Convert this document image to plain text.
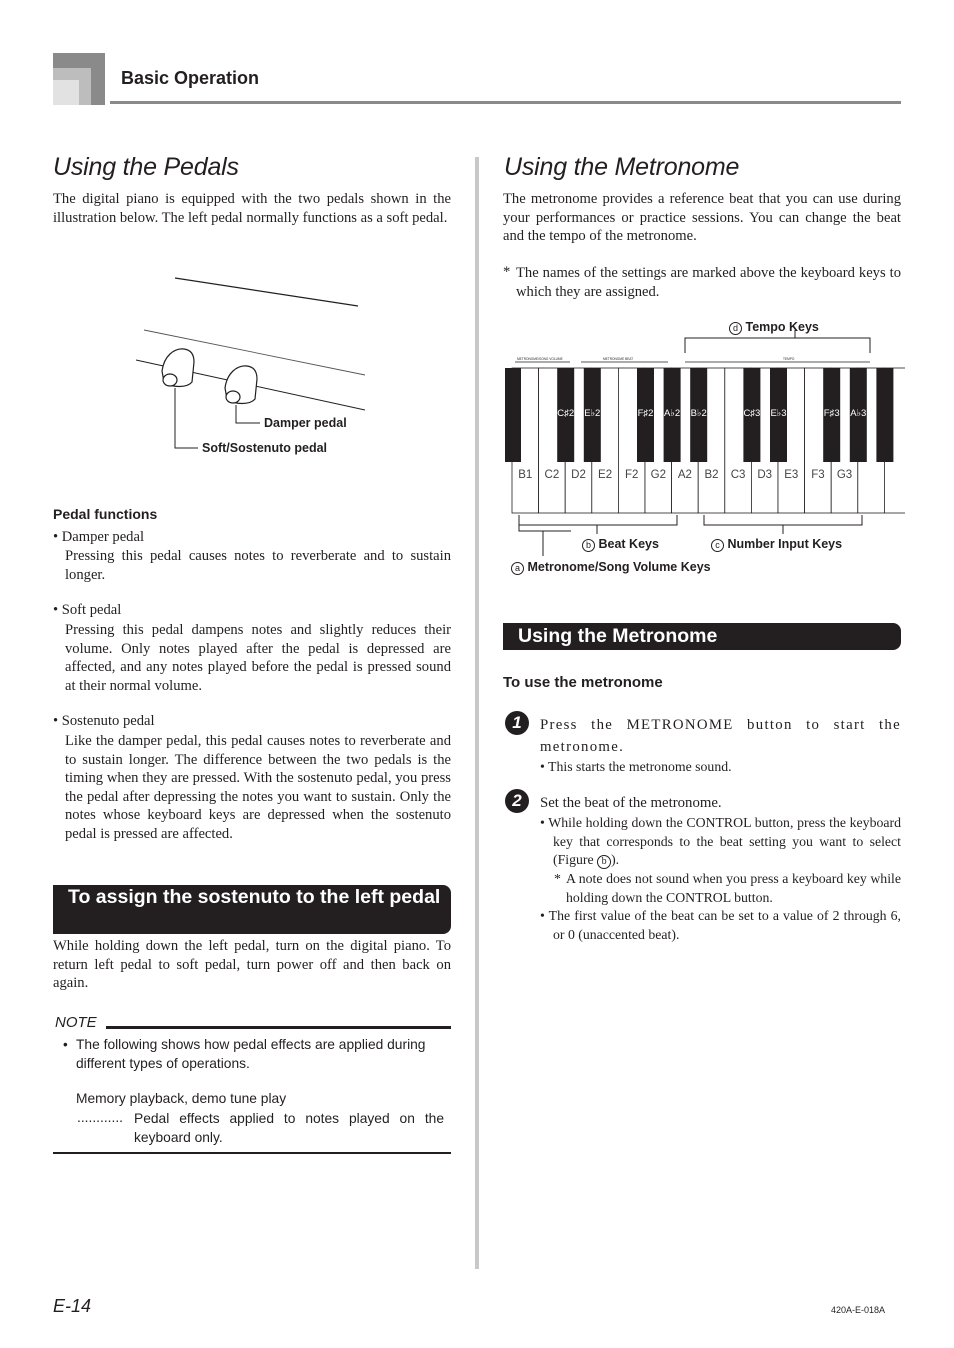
Basic Operation
Using the Pedals

The digital piano is equipped with the two pedals shown in the illustration below. The left pedal normally functions as a soft pedal.

Damper pedal
Soft/Sostenuto pedal
Pedal functions
• Damper pedal

Pressing this pedal causes notes to reverberate and to sustain longer.

• Soft pedal

Pressing this pedal dampens notes and slightly reduces their volume. Only notes played after the pedal is depressed are affected, and any notes played before the pedal is pressed sound at their normal volume.

• Sostenuto pedal

Like the damper pedal, this pedal causes notes to reverberate and to sustain longer. The difference between the two pedals is the timing when they are pressed. With the sostenuto pedal, you press the pedal after depressing the notes you want to sustain. Only the notes whose keyboard keys are depressed when the sostenuto pedal is pressed are affected.

To assign the sostenuto to the left pedal

While holding down the left pedal, turn on the digital piano. To return left pedal to soft pedal, turn power off and then back on again.

NOTE
• The following shows how pedal effects are applied during different types of operations.
Memory playback, demo tune play
............ Pedal effects applied to notes played on the keyboard only.
Using the Metronome

The metronome provides a reference beat that you can use during your performances or practice sessions. You can change the beat and the tempo of the metronome.

* The names of the settings are marked above the keyboard keys to which they are assigned.

METRONOME/SONG VOLUME	METRONOME BEAT	TEMPO
B1 C2 D2 E2 F2 G2 A2 B2 C3 D3 E3 F3 G3
C♯2 E♭2	F♯2 A♭2 B♭2	C♯3 E♭3	F♯3 A♭3
d Tempo Keys
b Beat Keys	c Number Input Keys
a Metronome/Song Volume Keys
Using the Metronome
To use the metronome
1	Press the METRONOME button to start the metronome.

• This starts the metronome sound.
2	Set the beat of the metronome.
• While holding down the CONTROL button, press the keyboard key that corresponds to the beat setting you want to select (Figure b ).
* A note does not sound when you press a keyboard key while holding down the CONTROL button.
• The first value of the beat can be set to a value of 2 through 6, or 0 (unaccented beat).
E-14	420A-E-018A
